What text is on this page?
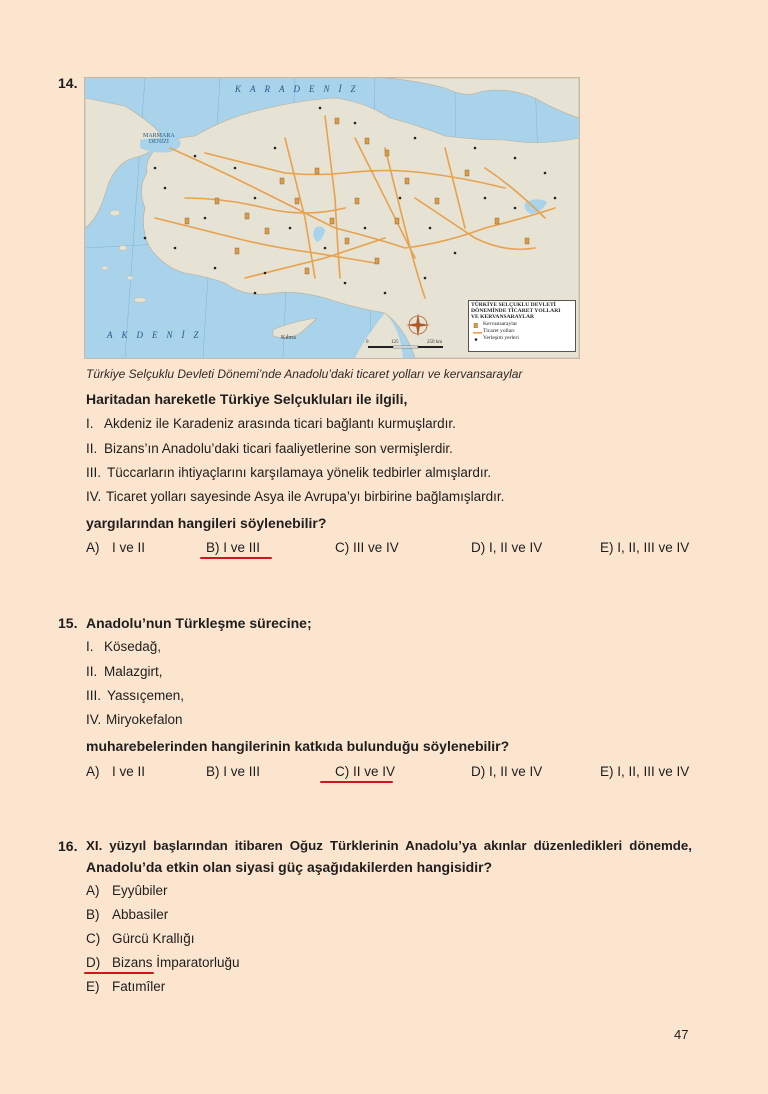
14.	KARADENİZ
AKDENİZ
MARMARA
DENİZİ
Kıbrıs
0	125	250 km
TÜRKİYE SELÇUKLU DEVLETİ
DÖNEMİNDE TİCARET YOLLARI
VE KERVANSARAYLAR
Kervansaraylar
Ticaret yolları
Yerleşim yerleri
Türkiye Selçuklu Devleti Dönemi’nde Anadolu’daki ticaret yolları ve kervansaraylar
Haritadan hareketle Türkiye Selçukluları ile ilgili,
I. Akdeniz ile Karadeniz arasında ticari bağlantı kurmuşlardır.
II. Bizans’ın Anadolu’daki ticari faaliyetlerine son vermişlerdir.
III. Tüccarların ihtiyaçlarını karşılamaya yönelik tedbirler almışlardır.
IV. Ticaret yolları sayesinde Asya ile Avrupa’yı birbirine bağlamışlardır.
yargılarından hangileri söylenebilir?
A) I ve II	B) I ve III	C) III ve IV	D) I, II ve IV	E) I, II, III ve IV
15. Anadolu’nun Türkleşme sürecine;
I. Kösedağ,
II. Malazgirt,
III. Yassıçemen,
IV. Miryokefalon
muharebelerinden hangilerinin katkıda bulunduğu söylenebilir?
A) I ve II	B) I ve III	C) II ve IV	D) I, II ve IV	E) I, II, III ve IV
16. XI. yüzyıl başlarından itibaren Oğuz Türklerinin Anadolu’ya akınlar düzenledikleri dönemde,
Anadolu’da etkin olan siyasi güç aşağıdakilerden hangisidir?
A) Eyyûbiler
B) Abbasiler
C) Gürcü Krallığı
D) Bizans İmparatorluğu
E) Fatımîler
47
